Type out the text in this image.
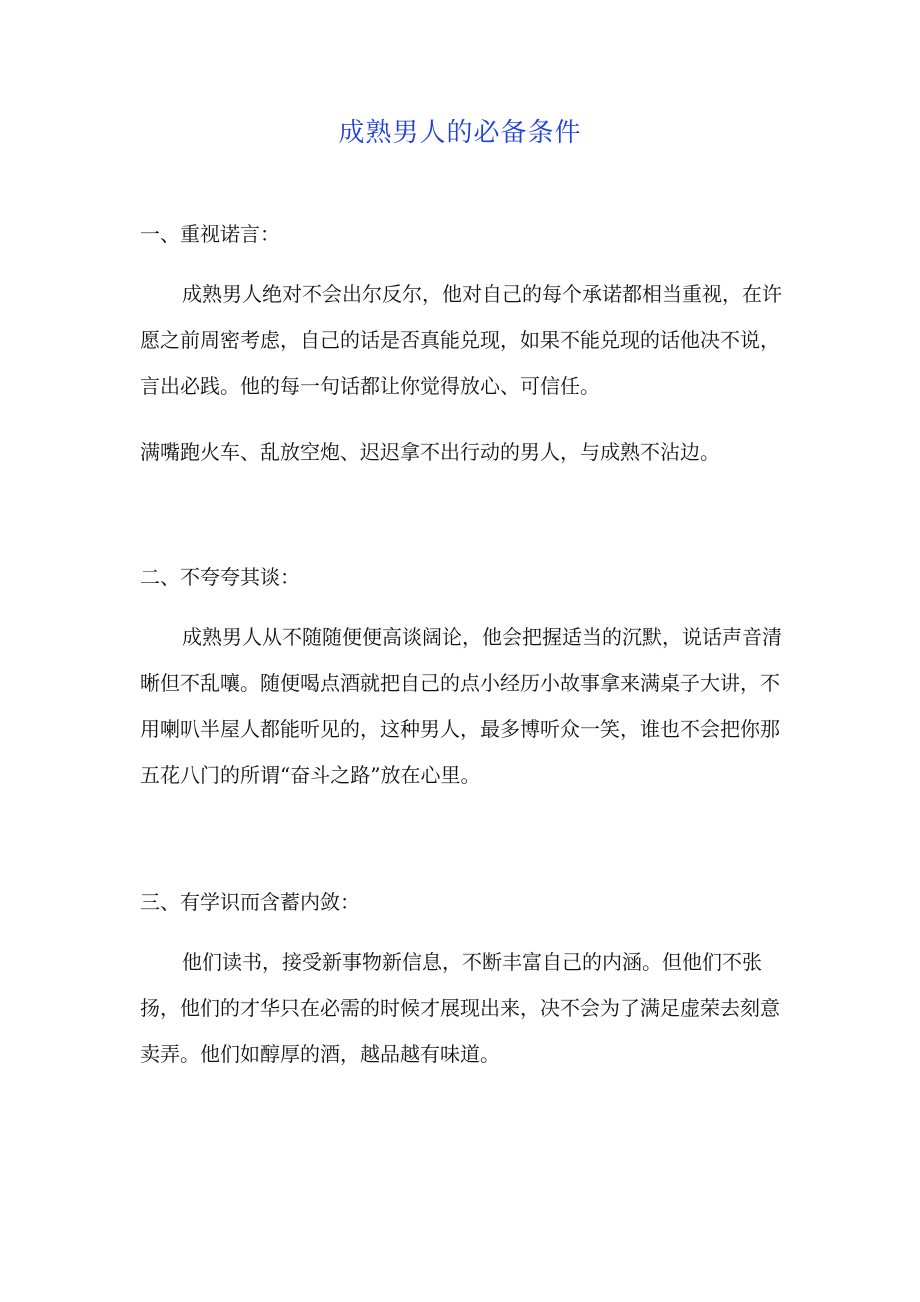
成熟男人的必备条件
一、重视诺言：

成熟男人绝对不会出尔反尔，他对自己的每个承诺都相当重视，在许愿之前周密考虑，自己的话是否真能兑现，如果不能兑现的话他决不说，言出必践。他的每一句话都让你觉得放心、可信任。

满嘴跑火车、乱放空炮、迟迟拿不出行动的男人，与成熟不沾边。

二、不夸夸其谈：

成熟男人从不随随便便高谈阔论，他会把握适当的沉默，说话声音清晰但不乱嚷。随便喝点酒就把自己的点小经历小故事拿来满桌子大讲，不用喇叭半屋人都能听见的，这种男人，最多博听众一笑，谁也不会把你那五花八门的所谓“奋斗之路”放在心里。

三、有学识而含蓄内敛：

他们读书，接受新事物新信息，不断丰富自己的内涵。但他们不张扬，他们的才华只在必需的时候才展现出来，决不会为了满足虚荣去刻意卖弄。他们如醇厚的酒，越品越有味道。
